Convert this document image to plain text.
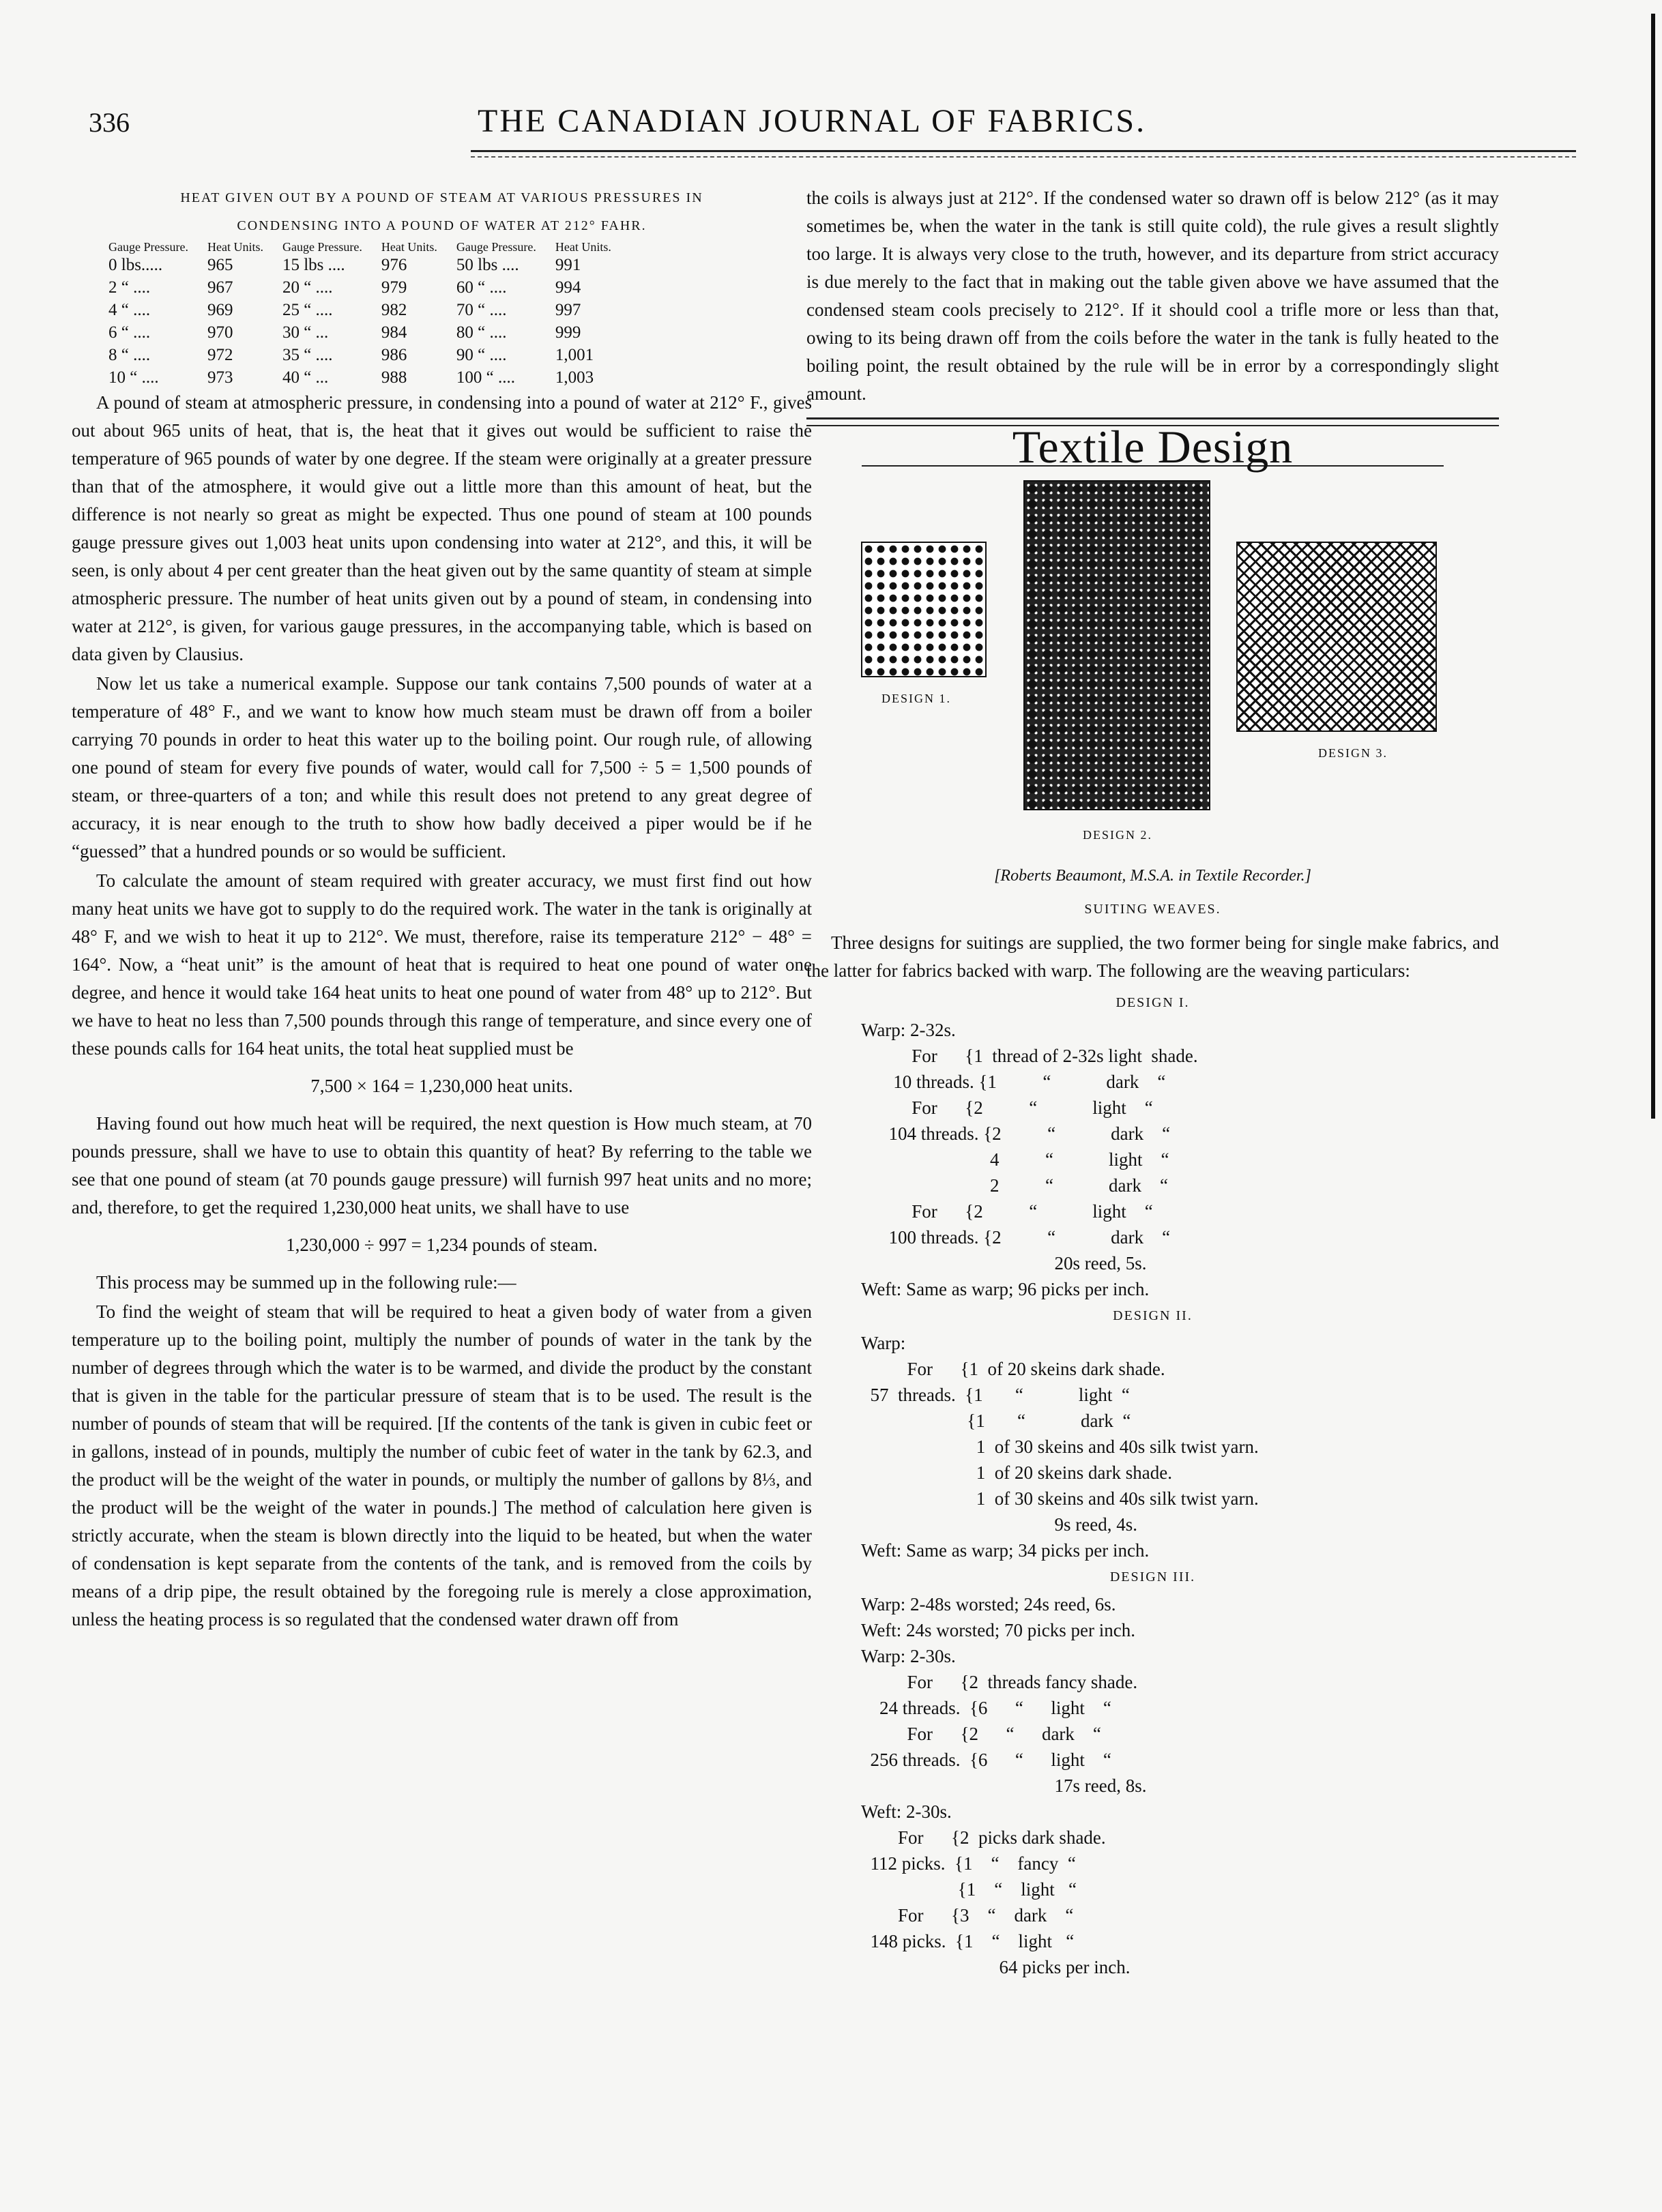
336	THE CANADIAN JOURNAL OF FABRICS.
HEAT GIVEN OUT BY A POUND OF STEAM AT VARIOUS PRESSURES IN
CONDENSING INTO A POUND OF WATER AT 212° FAHR.
Gauge Pressure.	Heat Units.	Gauge Pressure.	Heat Units.	Gauge Pressure.	Heat Units.
0 lbs.....	965	15 lbs ....	976	50 lbs ....	991
2 “ ....	967	20 “ ....	979	60 “ ....	994
4 “ ....	969	25 “ ....	982	70 “ ....	997
6 “ ....	970	30 “ ...	984	80 “ ....	999
8 “ ....	972	35 “ ....	986	90 “ ....	1,001
10 “ ....	973	40 “ ...	988	100 “ ....	1,003

A pound of steam at atmospheric pressure, in condensing into a pound of water at 212° F., gives out about 965 units of heat, that is, the heat that it gives out would be sufficient to raise the temperature of 965 pounds of water by one degree. If the steam were originally at a greater pressure than that of the atmosphere, it would give out a little more than this amount of heat, but the difference is not nearly so great as might be expected. Thus one pound of steam at 100 pounds gauge pressure gives out 1,003 heat units upon condensing into water at 212°, and this, it will be seen, is only about 4 per cent greater than the heat given out by the same quantity of steam at simple atmospheric pressure. The number of heat units given out by a pound of steam, in condensing into water at 212°, is given, for various gauge pressures, in the accompanying table, which is based on data given by Clausius.

Now let us take a numerical example. Suppose our tank contains 7,500 pounds of water at a temperature of 48° F., and we want to know how much steam must be drawn off from a boiler carrying 70 pounds in order to heat this water up to the boiling point. Our rough rule, of allowing one pound of steam for every five pounds of water, would call for 7,500 ÷ 5 = 1,500 pounds of steam, or three-quarters of a ton; and while this result does not pretend to any great degree of accuracy, it is near enough to the truth to show how badly deceived a piper would be if he “guessed” that a hundred pounds or so would be sufficient.

To calculate the amount of steam required with greater accuracy, we must first find out how many heat units we have got to supply to do the required work. The water in the tank is originally at 48° F, and we wish to heat it up to 212°. We must, therefore, raise its temperature 212° − 48° = 164°. Now, a “heat unit” is the amount of heat that is required to heat one pound of water one degree, and hence it would take 164 heat units to heat one pound of water from 48° up to 212°. But we have to heat no less than 7,500 pounds through this range of temperature, and since every one of these pounds calls for 164 heat units, the total heat supplied must be

7,500 × 164 = 1,230,000 heat units.

Having found out how much heat will be required, the next question is How much steam, at 70 pounds pressure, shall we have to use to obtain this quantity of heat? By referring to the table we see that one pound of steam (at 70 pounds gauge pressure) will furnish 997 heat units and no more; and, therefore, to get the required 1,230,000 heat units, we shall have to use

1,230,000 ÷ 997 = 1,234 pounds of steam.

This process may be summed up in the following rule:—

To find the weight of steam that will be required to heat a given body of water from a given temperature up to the boiling point, multiply the number of pounds of water in the tank by the number of degrees through which the water is to be warmed, and divide the product by the constant that is given in the table for the particular pressure of steam that is to be used. The result is the number of pounds of steam that will be required. [If the contents of the tank is given in cubic feet or in gallons, instead of in pounds, multiply the number of cubic feet of water in the tank by 62.3, and the product will be the weight of the water in pounds, or multiply the number of gallons by 8⅓, and the product will be the weight of the water in pounds.] The method of calculation here given is strictly accurate, when the steam is blown directly into the liquid to be heated, but when the water of condensation is kept separate from the contents of the tank, and is removed from the coils by means of a drip pipe, the result obtained by the foregoing rule is merely a close approximation, unless the heating process is so regulated that the condensed water drawn off from

the coils is always just at 212°. If the condensed water so drawn off is below 212° (as it may sometimes be, when the water in the tank is still quite cold), the rule gives a result slightly too large. It is always very close to the truth, however, and its departure from strict accuracy is due merely to the fact that in making out the table given above we have assumed that the condensed steam cools precisely to 212°. If it should cool a trifle more or less than that, owing to its being drawn off from the coils before the water in the tank is fully heated to the boiling point, the result obtained by the rule will be in error by a correspondingly slight amount.

Textile Design
DESIGN 1.
DESIGN 2.
DESIGN 3.
[Roberts Beaumont, M.S.A. in Textile Recorder.]
SUITING WEAVES.

Three designs for suitings are supplied, the two former being for single make fabrics, and the latter for fabrics backed with warp. The following are the weaving particulars:

DESIGN I.
Warp: 2-32s.
For      {1  thread of 2-32s light  shade.
10 threads. {1          “            dark    “
For      {2          “            light    “
104 threads. {2          “            dark    “
4          “            light    “
2          “            dark    “
For      {2          “            light    “
100 threads. {2          “            dark    “
20s reed, 5s.
Weft: Same as warp; 96 picks per inch.
DESIGN II.
Warp:
For      {1  of 20 skeins dark shade.
57  threads.  {1       “            light  “
{1       “            dark  “
1  of 30 skeins and 40s silk twist yarn.
1  of 20 skeins dark shade.
1  of 30 skeins and 40s silk twist yarn.
9s reed, 4s.
Weft: Same as warp; 34 picks per inch.
DESIGN III.
Warp: 2-48s worsted; 24s reed, 6s.
Weft: 24s worsted; 70 picks per inch.
Warp: 2-30s.
For      {2  threads fancy shade.
24 threads.  {6      “      light    “
For      {2      “      dark    “
256 threads.  {6      “      light    “
17s reed, 8s.
Weft: 2-30s.
For      {2  picks dark shade.
112 picks.  {1    “    fancy  “
{1    “    light   “
For      {3    “    dark    “
148 picks.  {1    “    light   “
64 picks per inch.
